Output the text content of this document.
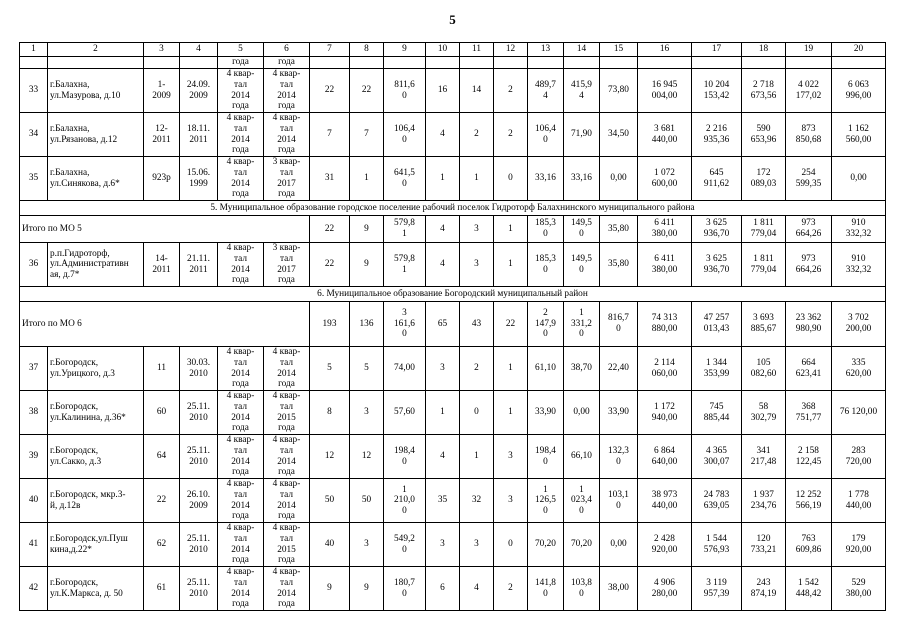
5
1	2	3	4	5	6	7	8	9	10	11	12	13	14	15	16	17	18	19	20
				года	года														

33	г.Балахна,
ул.Мазурова, д.10	1-
2009	24.09.
2009	4 квар-
тал
2014
года	4 квар-
тал
2014
года	22	22	811,6
0	16	14	2	489,7
4	415,9
4	73,80	16 945
004,00	10 204
153,42	2 718
673,56	4 022
177,02	6 063
996,00

34	г.Балахна,
ул.Рязанова, д.12	12-
2011	18.11.
2011	4 квар-
тал
2014
года	4 квар-
тал
2014
года	7	7	106,4
0	4	2	2	106,4
0	71,90	34,50	3 681
440,00	2 216
935,36	590
653,96	873
850,68	1 162
560,00

35	г.Балахна,
ул.Синякова, д.6*	923р	15.06.
1999	4 квар-
тал
2014
года	3 квар-
тал
2017
года	31	1	641,5
0	1	1	0	33,16	33,16	0,00	1 072
600,00	645
911,62	172
089,03	254
599,35	0,00

5. Муниципальное образование городское поселение рабочий поселок Гидроторф Балахнинского муниципального района																			
Итого по МО 5						22	9	579,8
1	4	3	1	185,3
0	149,5
0	35,80	6 411
380,00	3 625
936,70	1 811
779,04	973
664,26	910
332,32

36	р.п.Гидроторф,
ул.Административн
ая, д.7*	14-
2011	21.11.
2011	4 квар-
тал
2014
года	3 квар-
тал
2017
года	22	9	579,8
1	4	3	1	185,3
0	149,5
0	35,80	6 411
380,00	3 625
936,70	1 811
779,04	973
664,26	910
332,32

6. Муниципальное образование Богородский муниципальный район																			
Итого по МО 6						193	136	3
161,6
0	65	43	22	2
147,9
0	1
331,2
0	816,7
0	74 313
880,00	47 257
013,43	3 693
885,67	23 362
980,90	3 702
200,00

37	г.Богородск,
ул.Урицкого, д.3	11	30.03.
2010	4 квар-
тал
2014
года	4 квар-
тал
2014
года	5	5	74,00	3	2	1	61,10	38,70	22,40	2 114
060,00	1 344
353,99	105
082,60	664
623,41	335
620,00

38	г.Богородск,
ул.Калинина, д.36*	60	25.11.
2010	4 квар-
тал
2014
года	4 квар-
тал
2015
года	8	3	57,60	1	0	1	33,90	0,00	33,90	1 172
940,00	745
885,44	58
302,79	368
751,77	76 120,00

39	г.Богородск,
ул.Сакко, д.3	64	25.11.
2010	4 квар-
тал
2014
года	4 квар-
тал
2014
года	12	12	198,4
0	4	1	3	198,4
0	66,10	132,3
0	6 864
640,00	4 365
300,07	341
217,48	2 158
122,45	283
720,00

40	г.Богородск, мкр.3-
й, д.12в	22	26.10.
2009	4 квар-
тал
2014
года	4 квар-
тал
2014
года	50	50	1
210,0
0	35	32	3	1
126,5
0	1
023,4
0	103,1
0	38 973
440,00	24 783
639,05	1 937
234,76	12 252
566,19	1 778
440,00

41	г.Богородск,ул.Пуш
кина,д.22*	62	25.11.
2010	4 квар-
тал
2014
года	4 квар-
тал
2015
года	40	3	549,2
0	3	3	0	70,20	70,20	0,00	2 428
920,00	1 544
576,93	120
733,21	763
609,86	179
920,00

42	г.Богородск,
ул.К.Маркса, д. 50	61	25.11.
2010	4 квар-
тал
2014
года	4 квар-
тал
2014
года	9	9	180,7
0	6	4	2	141,8
0	103,8
0	38,00	4 906
280,00	3 119
957,39	243
874,19	1 542
448,42	529
380,00
